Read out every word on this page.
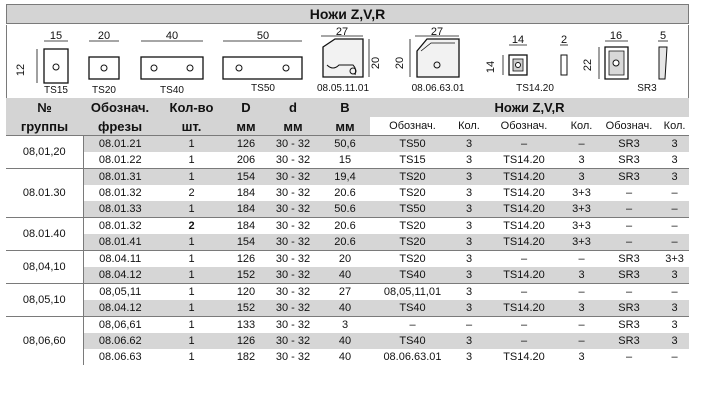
Ножи Z,V,R
15
12
TS15
20
TS20
40
TS40
50
TS50
27
20
08.05.11.01
27
20
08.06.63.01
14
14
2
TS14.20
16
22
5
SR3
№	Обознач.	Кол-во	D	d	B	Ножи Z,V,R					
группы	фрезы	шт.	мм	мм	мм	Обознач.	Кол.	Обознач.	Кол.	Обознач.	Кол.
08,01,20	08.01.21	1	126	30 - 32	50,6	TS50	3	–	–	SR3	3
	08.01.22	1	206	30 - 32	15	TS15	3	TS14.20	3	SR3	3
08.01.30	08.01.31	1	154	30 - 32	19,4	TS20	3	TS14.20	3	SR3	3
	08.01.32	2	184	30 - 32	20.6	TS20	3	TS14.20	3+3	–	–
	08.01.33	1	184	30 - 32	50.6	TS50	3	TS14.20	3+3	–	–
08.01.40	08.01.32	2	184	30 - 32	20.6	TS20	3	TS14.20	3+3	–	–
	08.01.41	1	154	30 - 32	20.6	TS20	3	TS14.20	3+3	–	–
08,04,10	08.04.11	1	126	30 - 32	20	TS20	3	–	–	SR3	3+3
	08.04.12	1	152	30 - 32	40	TS40	3	TS14.20	3	SR3	3
08,05,10	08,05,11	1	120	30 - 32	27	08,05,11,01	3	–	–	–	–
	08.04.12	1	152	30 - 32	40	TS40	3	TS14.20	3	SR3	3
08,06,60	08,06,61	1	133	30 - 32	3	–	–	–	–	SR3	3
	08.06.62	1	126	30 - 32	40	TS40	3	–	–	SR3	3
	08.06.63	1	182	30 - 32	40	08.06.63.01	3	TS14.20	3	–	–
